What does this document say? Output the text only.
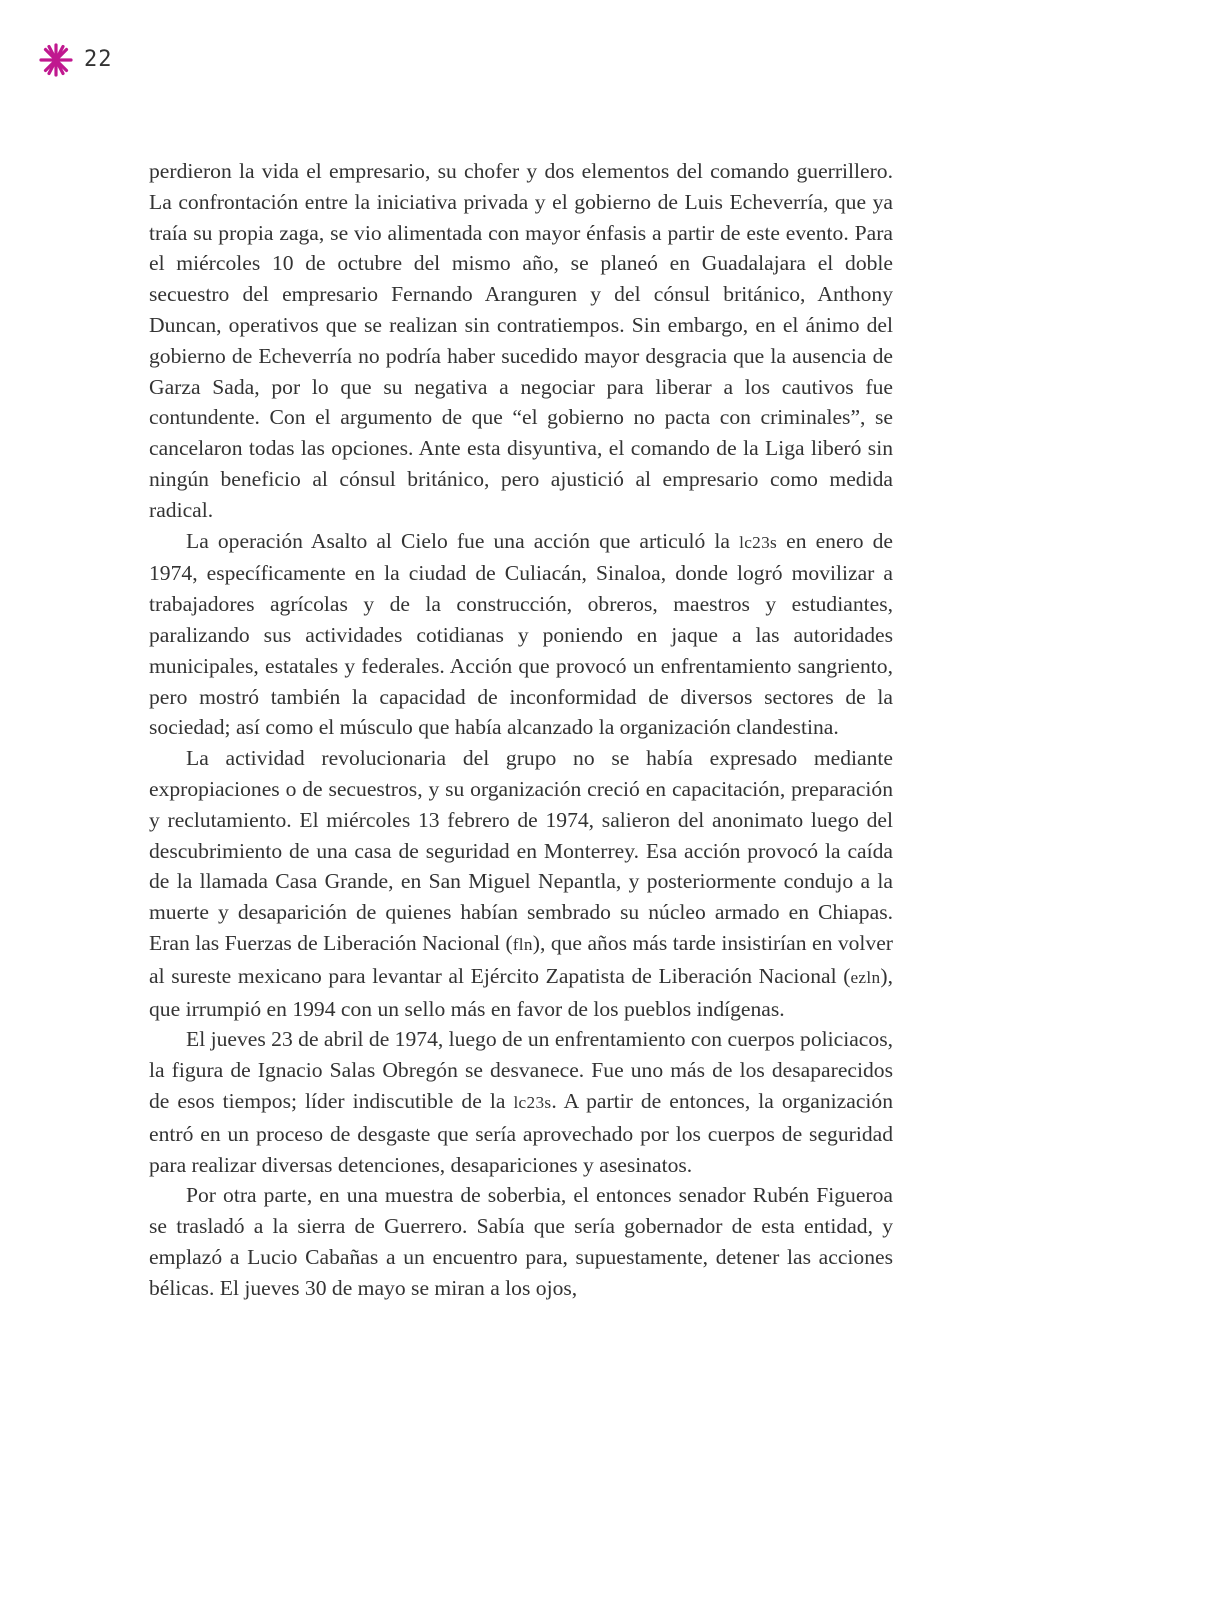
22

perdieron la vida el empresario, su chofer y dos elementos del comando guerrillero. La confrontación entre la iniciativa privada y el gobierno de Luis Echeverría, que ya traía su propia zaga, se vio alimentada con mayor énfasis a partir de este evento. Para el miércoles 10 de octubre del mismo año, se planeó en Guadalajara el doble secuestro del empresario Fernando Aranguren y del cónsul británico, Anthony Duncan, operativos que se realizan sin contratiempos. Sin embargo, en el ánimo del gobierno de Echeverría no podría haber sucedido mayor desgracia que la ausencia de Garza Sada, por lo que su negativa a negociar para liberar a los cautivos fue contundente. Con el argumento de que “el gobierno no pacta con criminales”, se cancelaron todas las opciones. Ante esta disyuntiva, el comando de la Liga liberó sin ningún beneficio al cónsul británico, pero ajustició al empresario como medida radical.

La operación Asalto al Cielo fue una acción que articuló la lc23s en enero de 1974, específicamente en la ciudad de Culiacán, Sinaloa, donde logró movilizar a trabajadores agrícolas y de la construcción, obreros, maestros y estudiantes, paralizando sus actividades cotidianas y poniendo en jaque a las autoridades municipales, estatales y federales. Acción que provocó un enfrentamiento sangriento, pero mostró también la capacidad de inconformidad de diversos sectores de la sociedad; así como el músculo que había alcanzado la organización clandestina.

La actividad revolucionaria del grupo no se había expresado mediante expropiaciones o de secuestros, y su organización creció en capacitación, preparación y reclutamiento. El miércoles 13 febrero de 1974, salieron del anonimato luego del descubrimiento de una casa de seguridad en Monterrey. Esa acción provocó la caída de la llamada Casa Grande, en San Miguel Nepantla, y posteriormente condujo a la muerte y desaparición de quienes habían sembrado su núcleo armado en Chiapas. Eran las Fuerzas de Liberación Nacional (fln), que años más tarde insistirían en volver al sureste mexicano para levantar al Ejército Zapatista de Liberación Nacional (ezln), que irrumpió en 1994 con un sello más en favor de los pueblos indígenas.

El jueves 23 de abril de 1974, luego de un enfrentamiento con cuerpos policiacos, la figura de Ignacio Salas Obregón se desvanece. Fue uno más de los desaparecidos de esos tiempos; líder indiscutible de la lc23s. A partir de entonces, la organización entró en un proceso de desgaste que sería aprovechado por los cuerpos de seguridad para realizar diversas detenciones, desapariciones y asesinatos.

Por otra parte, en una muestra de soberbia, el entonces senador Rubén Figueroa se trasladó a la sierra de Guerrero. Sabía que sería gobernador de esta entidad, y emplazó a Lucio Cabañas a un encuentro para, supuestamente, detener las acciones bélicas. El jueves 30 de mayo se miran a los ojos,
